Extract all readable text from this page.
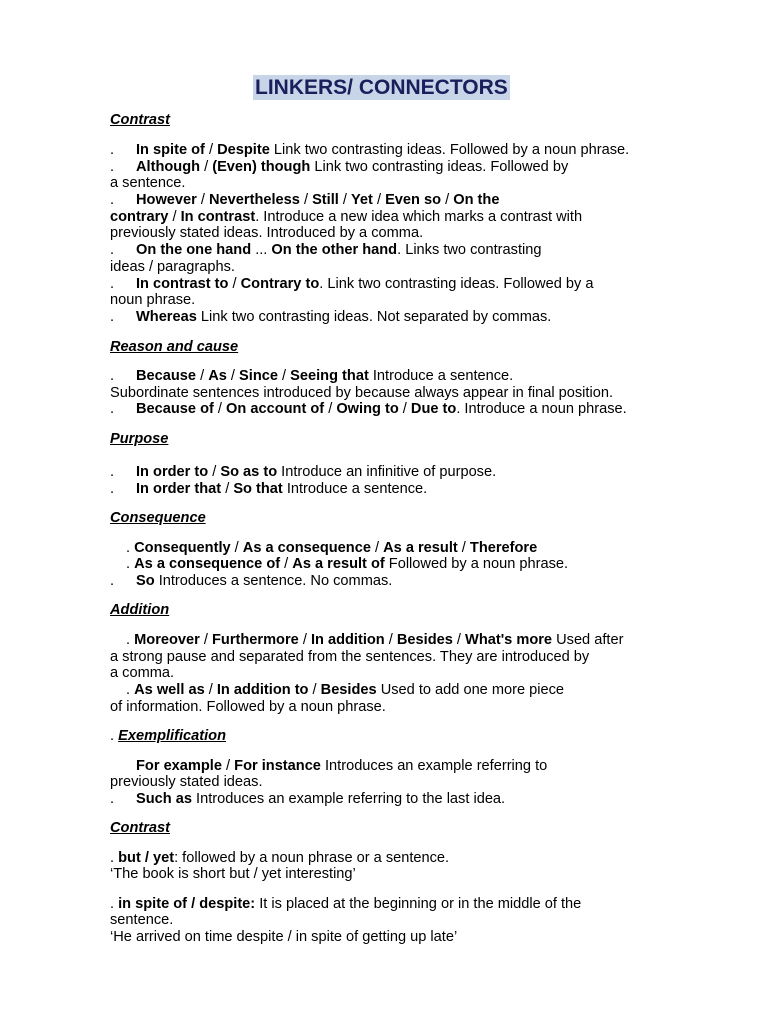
LINKERS/ CONNECTORS
Contrast
. In spite of / Despite Link two contrasting ideas. Followed by a noun phrase.
. Although / (Even) though Link two contrasting ideas. Followed by
a sentence.
. However / Nevertheless / Still / Yet / Even so / On the
contrary / In contrast. Introduce a new idea which marks a contrast with
previously stated ideas. Introduced by a comma.
. On the one hand ... On the other hand. Links two contrasting
ideas / paragraphs.
. In contrast to / Contrary to. Link two contrasting ideas. Followed by a
noun phrase.
. Whereas Link two contrasting ideas. Not separated by commas.
Reason and cause
. Because / As / Since / Seeing that Introduce a sentence.
Subordinate sentences introduced by because always appear in final position.
. Because of / On account of / Owing to / Due to. Introduce a noun phrase.
Purpose
. In order to / So as to Introduce an infinitive of purpose.
. In order that / So that Introduce a sentence.
Consequence
. Consequently / As a consequence / As a result / Therefore
. As a consequence of / As a result of Followed by a noun phrase.
. So Introduces a sentence. No commas.
Addition
. Moreover / Furthermore / In addition / Besides / What's more Used after
a strong pause and separated from the sentences. They are introduced by
a comma.
. As well as / In addition to / Besides Used to add one more piece
of information. Followed by a noun phrase.
. Exemplification
For example / For instance Introduces an example referring to
previously stated ideas.
. Such as Introduces an example referring to the last idea.
Contrast
. but / yet: followed by a noun phrase or a sentence.
‘The book is short but / yet interesting’
. in spite of / despite: It is placed at the beginning or in the middle of the
sentence.
‘He arrived on time despite / in spite of getting up late’
